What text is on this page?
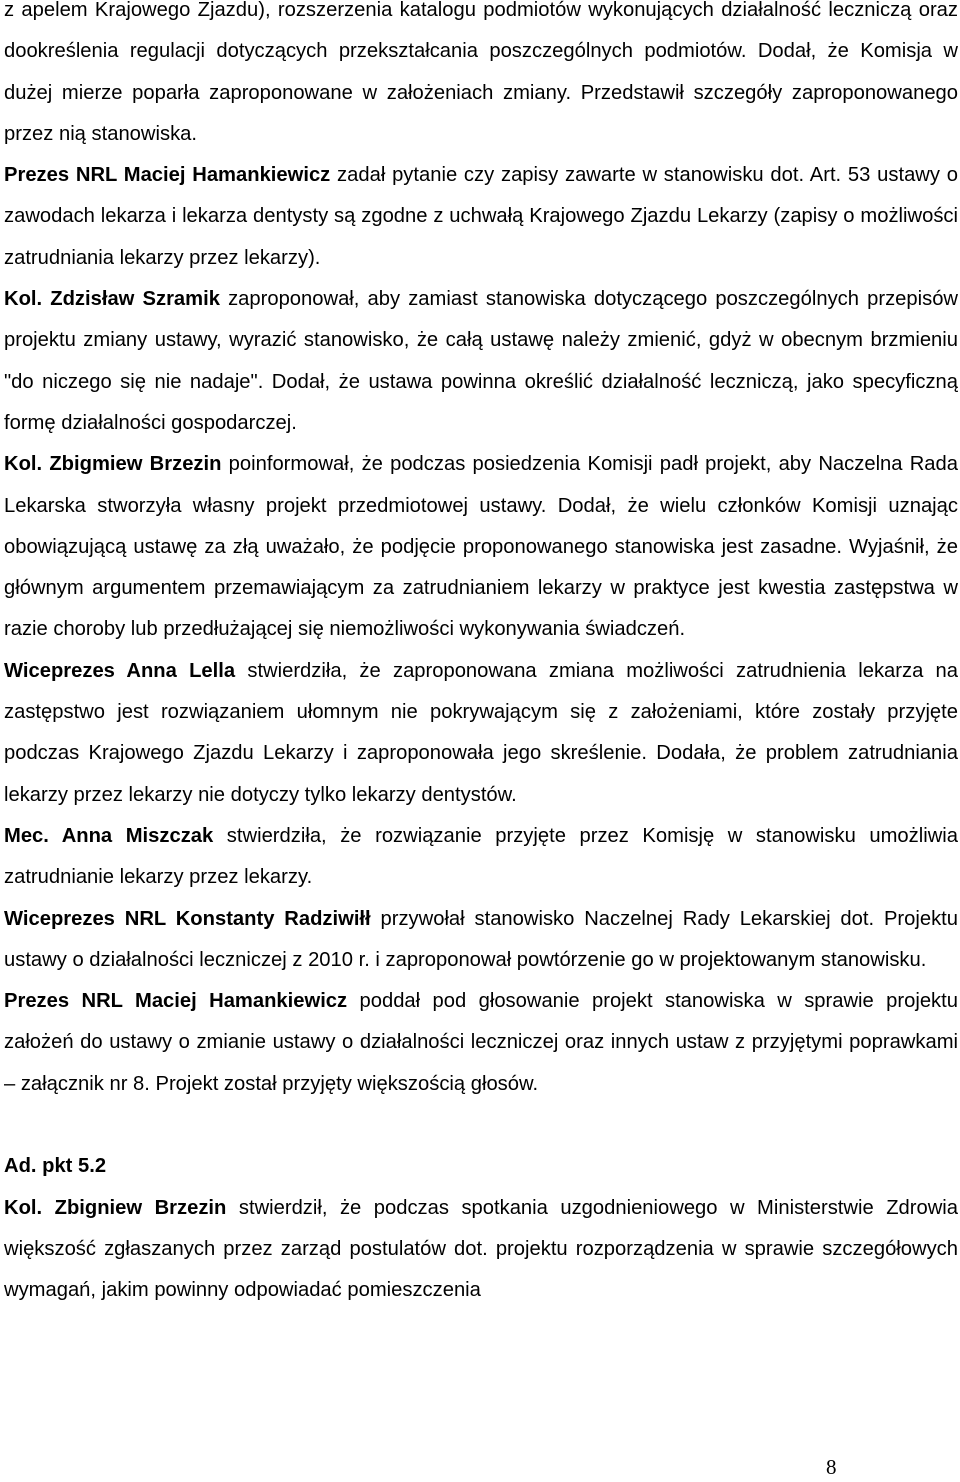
z apelem Krajowego Zjazdu), rozszerzenia katalogu podmiotów wykonujących działalność leczniczą oraz dookreślenia regulacji dotyczących przekształcania poszczególnych podmiotów. Dodał, że Komisja w dużej mierze poparła zaproponowane w założeniach zmiany. Przedstawił szczegóły zaproponowanego przez nią stanowiska.

Prezes NRL Maciej Hamankiewicz zadał pytanie czy zapisy zawarte w stanowisku dot. Art. 53 ustawy o zawodach lekarza i lekarza dentysty są zgodne z uchwałą Krajowego Zjazdu Lekarzy (zapisy o możliwości zatrudniania lekarzy przez lekarzy).

Kol. Zdzisław Szramik zaproponował, aby zamiast stanowiska dotyczącego poszczególnych przepisów projektu zmiany ustawy, wyrazić stanowisko, że całą ustawę należy zmienić, gdyż w obecnym brzmieniu "do niczego się nie nadaje". Dodał, że ustawa powinna określić działalność leczniczą, jako specyficzną formę działalności gospodarczej.

Kol. Zbigmiew Brzezin poinformował, że podczas posiedzenia Komisji padł projekt, aby Naczelna Rada Lekarska stworzyła własny projekt przedmiotowej ustawy. Dodał, że wielu członków Komisji uznając obowiązującą ustawę za złą uważało, że podjęcie proponowanego stanowiska jest zasadne. Wyjaśnił, że głównym argumentem przemawiającym za zatrudnianiem lekarzy w praktyce jest kwestia zastępstwa w razie choroby lub przedłużającej się niemożliwości wykonywania świadczeń.

Wiceprezes Anna Lella stwierdziła, że zaproponowana zmiana możliwości zatrudnienia lekarza na zastępstwo jest rozwiązaniem ułomnym nie pokrywającym się z założeniami, które zostały przyjęte podczas Krajowego Zjazdu Lekarzy i zaproponowała jego skreślenie. Dodała, że problem zatrudniania lekarzy przez lekarzy nie dotyczy tylko lekarzy dentystów.

Mec. Anna Miszczak stwierdziła, że rozwiązanie przyjęte przez Komisję w stanowisku umożliwia zatrudnianie lekarzy przez lekarzy.

Wiceprezes NRL Konstanty Radziwiłł przywołał stanowisko Naczelnej Rady Lekarskiej dot. Projektu ustawy o działalności leczniczej z 2010 r. i zaproponował powtórzenie go w projektowanym stanowisku.

Prezes NRL Maciej Hamankiewicz poddał pod głosowanie projekt stanowiska w sprawie projektu założeń do ustawy o zmianie ustawy o działalności leczniczej oraz innych ustaw z przyjętymi poprawkami – załącznik nr 8. Projekt został przyjęty większością głosów.

Ad. pkt 5.2

Kol. Zbigniew Brzezin stwierdził, że podczas spotkania uzgodnieniowego w Ministerstwie Zdrowia większość zgłaszanych przez zarząd postulatów dot. projektu rozporządzenia w sprawie szczegółowych wymagań, jakim powinny odpowiadać pomieszczenia

8
